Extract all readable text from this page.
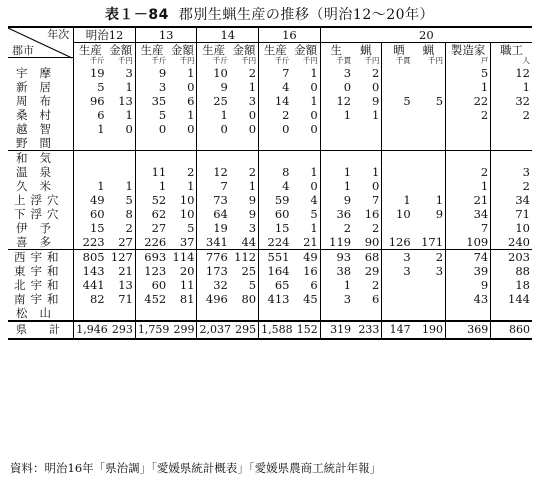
表１－84 郡別生蝋生産の推移（明治12～20年）
年次
郡市	明治12		13		14		16		20					
	生産	金額	生産	金額	生産	金額	生産	金額	生 蝋		晒 蝋		製造家	職工
	千斤	千円	千斤	千円	千斤	千円	千斤	千円	千貫	千円	千貫	千円	戸	人
宇摩	19	3	9	1	10	2	7	1	3	2			5	12
新居	5	1	3	0	9	1	4	0	0	0			1	1
周布	96	13	35	6	25	3	14	1	12	9	5	5	22	32
桑村	6	1	5	1	1	0	2	0	1	1			2	2
越智	1	0	0	0	0	0	0	0						
野間														
和気														
温泉			11	2	12	2	8	1	1	1			2	3
久米	1	1	1	1	7	1	4	0	1	0			1	2
上浮穴	49	5	52	10	73	9	59	4	9	7	1	1	21	34
下浮穴	60	8	62	10	64	9	60	5	36	16	10	9	34	71
伊予	15	2	27	5	19	3	15	1	2	2			7	10
喜多	223	27	226	37	341	44	224	21	119	90	126	171	109	240
西宇和	805	127	693	114	776	112	551	49	93	68	3	2	74	203
東宇和	143	21	123	20	173	25	164	16	38	29	3	3	39	88
北宇和	441	13	60	11	32	5	65	6	1	2			9	18
南宇和	82	71	452	81	496	80	413	45	3	6			43	144
松山														
県計	1,946	293	1,759	299	2,037	295	1,588	152	319	233	147	190	369	860
資料：明治16年「県治調」「愛媛県統計概表」「愛媛県農商工統計年報」
